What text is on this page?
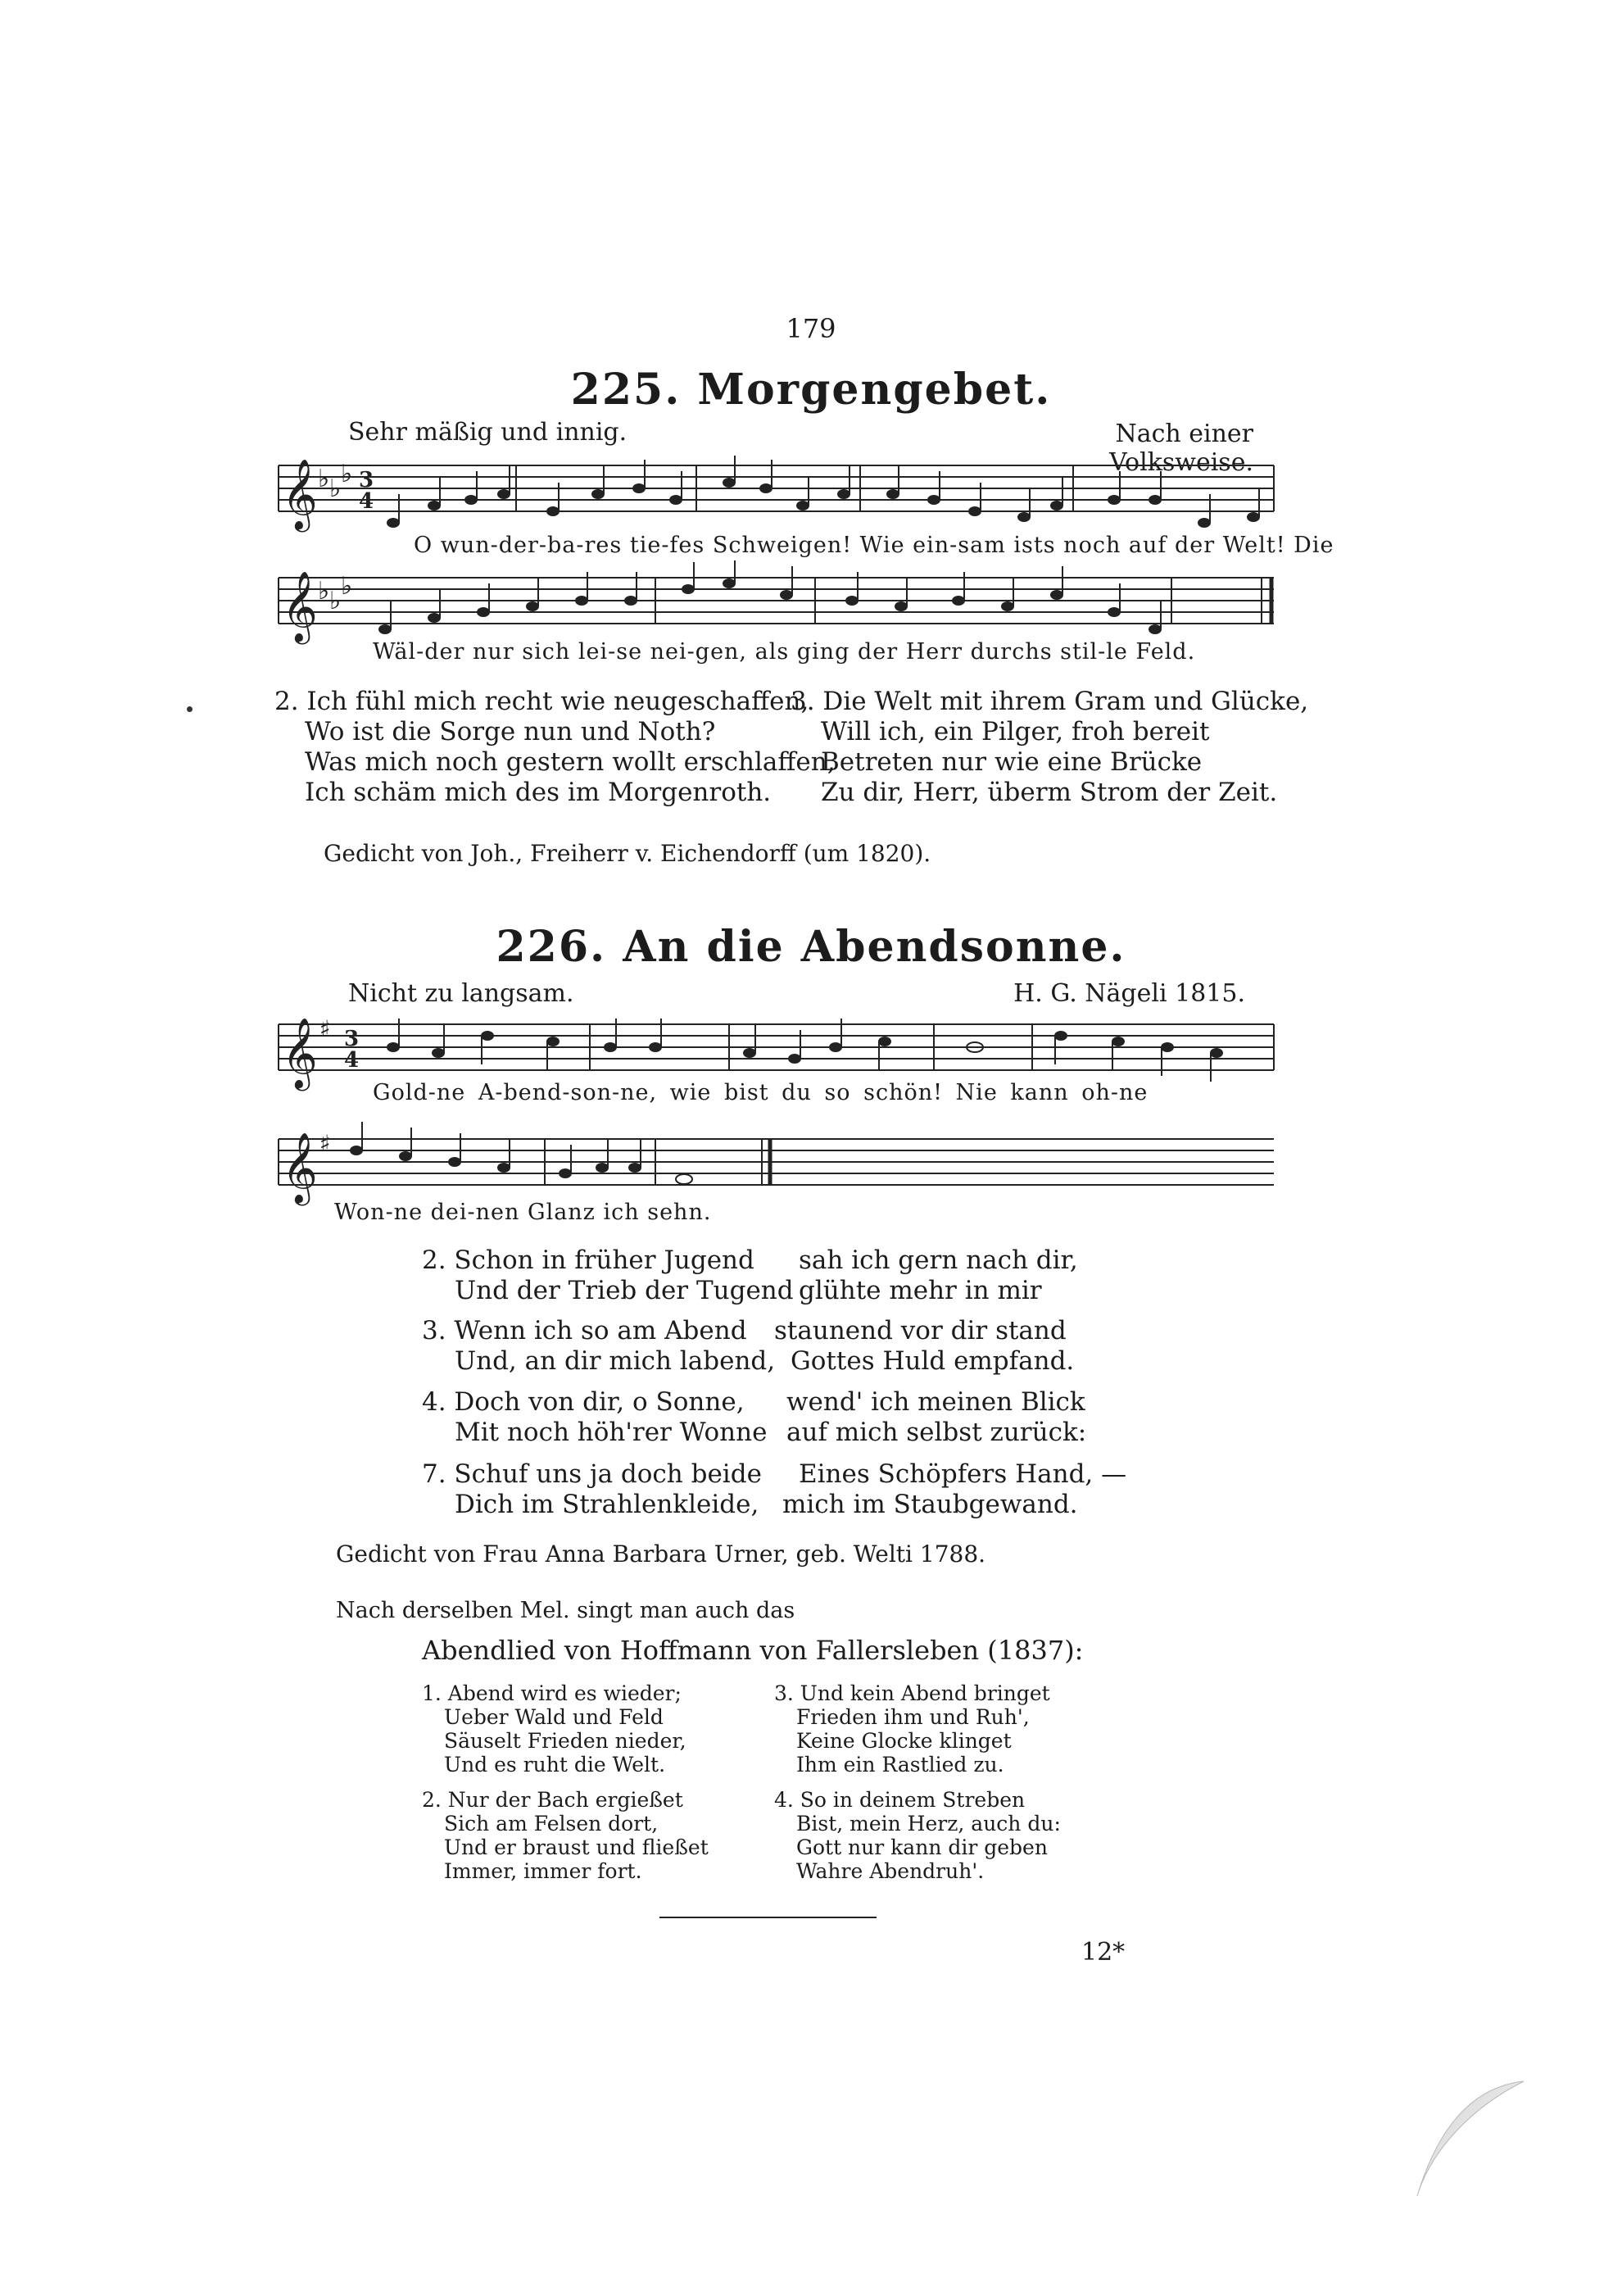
179
225. Morgengebet.
Sehr mäßig und innig.	Nach einer Volksweise.
𝄞 ♭ ♭
♭ 3
4
O wun-der-ba-res tie-fes Schweigen! Wie ein-sam ists noch auf der Welt! Die
𝄞 ♭ ♭
♭
Wäl-der nur sich lei-se nei-gen, als ging der Herr durchs stil-le Feld.
2. Ich fühl mich recht wie neugeschaffen,
Wo ist die Sorge nun und Noth?
Was mich noch gestern wollt erschlaffen,
Ich schäm mich des im Morgenroth.
3. Die Welt mit ihrem Gram und Glücke,
Will ich, ein Pilger, froh bereit
Betreten nur wie eine Brücke
Zu dir, Herr, überm Strom der Zeit.
Gedicht von Joh., Freiherr v. Eichendorff (um 1820).
226. An die Abendsonne.
Nicht zu langsam.	H. G. Nägeli 1815.
𝄞 ♯ 3
4
Gold-ne A-bend-son-ne, wie bist du so schön! Nie kann oh-ne
𝄞 ♯
Won-ne dei-nen Glanz ich sehn.
2. Schon in früher Jugend
Und der Trieb der Tugend
sah ich gern nach dir,
glühte mehr in mir
3. Wenn ich so am Abend
Und, an dir mich labend,
staunend vor dir stand
Gottes Huld empfand.
4. Doch von dir, o Sonne,
Mit noch höh'rer Wonne
wend' ich meinen Blick
auf mich selbst zurück:
7. Schuf uns ja doch beide
Dich im Strahlenkleide,
Eines Schöpfers Hand, —
mich im Staubgewand.
Gedicht von Frau Anna Barbara Urner, geb. Welti 1788.
Nach derselben Mel. singt man auch das
Abendlied von Hoffmann von Fallersleben (1837):
1. Abend wird es wieder;
Ueber Wald und Feld
Säuselt Frieden nieder,
Und es ruht die Welt.
2. Nur der Bach ergießet
Sich am Felsen dort,
Und er braust und fließet
Immer, immer fort.
3. Und kein Abend bringet
Frieden ihm und Ruh',
Keine Glocke klinget
Ihm ein Rastlied zu.
4. So in deinem Streben
Bist, mein Herz, auch du:
Gott nur kann dir geben
Wahre Abendruh'.
12*
